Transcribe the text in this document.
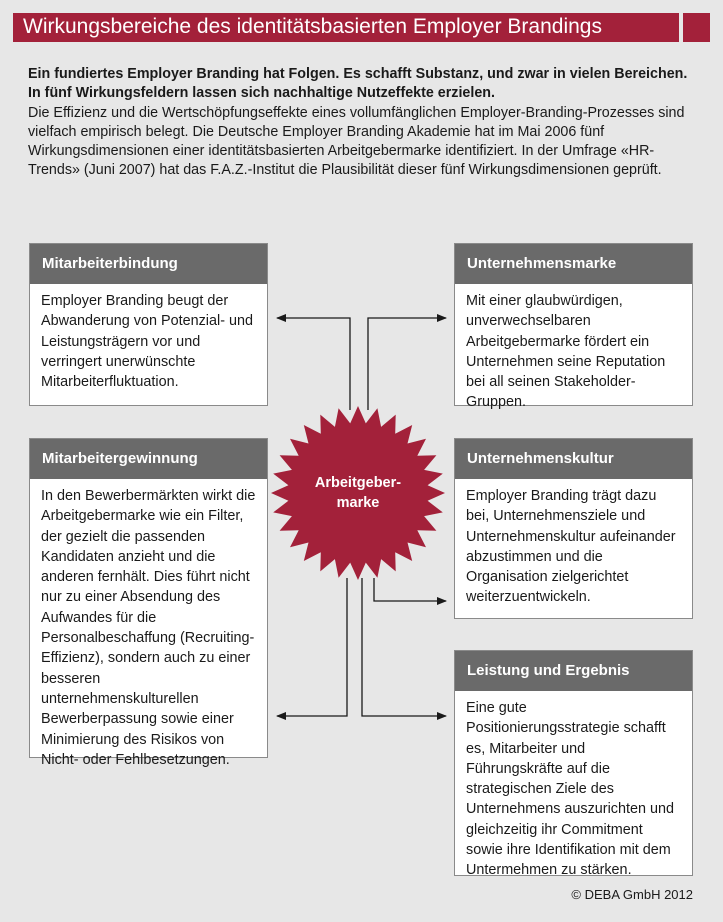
Wirkungsbereiche des identitätsbasierten Employer Brandings
Ein fundiertes Employer Branding hat Folgen. Es schafft Substanz, und zwar in vielen Bereichen. In fünf Wirkungsfeldern lassen sich nachhaltige Nutzeffekte erzielen.
Die Effizienz und die Wertschöpfungseffekte eines vollumfänglichen Employer-Branding-Prozesses sind vielfach empirisch belegt. Die Deutsche Employer Branding Akademie hat im Mai 2006 fünf Wirkungsdimensionen einer identitätsbasierten Arbeitgebermarke identifiziert. In der Umfrage «HR-Trends» (Juni 2007) hat das F.A.Z.-Institut die Plausibilität dieser fünf Wirkungsdimensionen geprüft.
Arbeitgeber-
marke
Mitarbeiterbindung
Employer Branding beugt der Abwanderung von Potenzial- und Leistungsträgern vor und verringert unerwünschte Mitarbeiterfluktuation.
Mitarbeitergewinnung
In den Bewerbermärkten wirkt die Arbeitgebermarke wie ein Filter, der gezielt die passenden Kandidaten anzieht und die anderen fernhält. Dies führt nicht nur zu einer Absendung des Aufwandes für die Personalbeschaffung (Recruiting-Effizienz), sondern auch zu einer besseren unternehmenskulturellen Bewerberpassung sowie einer Minimierung des Risikos von Nicht- oder Fehlbesetzungen.
Unternehmensmarke
Mit einer glaubwürdigen, unverwechselbaren Arbeitgebermarke fördert ein Unternehmen seine Reputation bei all seinen Stakeholder-Gruppen.
Unternehmenskultur
Employer Branding trägt dazu bei, Unternehmensziele und Unternehmenskultur aufeinander abzustimmen und die Organisation zielgerichtet weiterzuentwickeln.
Leistung und Ergebnis
Eine gute Positionierungsstrategie schafft es, Mitarbeiter und Führungskräfte auf die strategischen Ziele des Unternehmens auszurichten und gleichzeitig ihr Commitment sowie ihre Identifikation mit dem Untermehmen zu stärken.
© DEBA GmbH 2012
